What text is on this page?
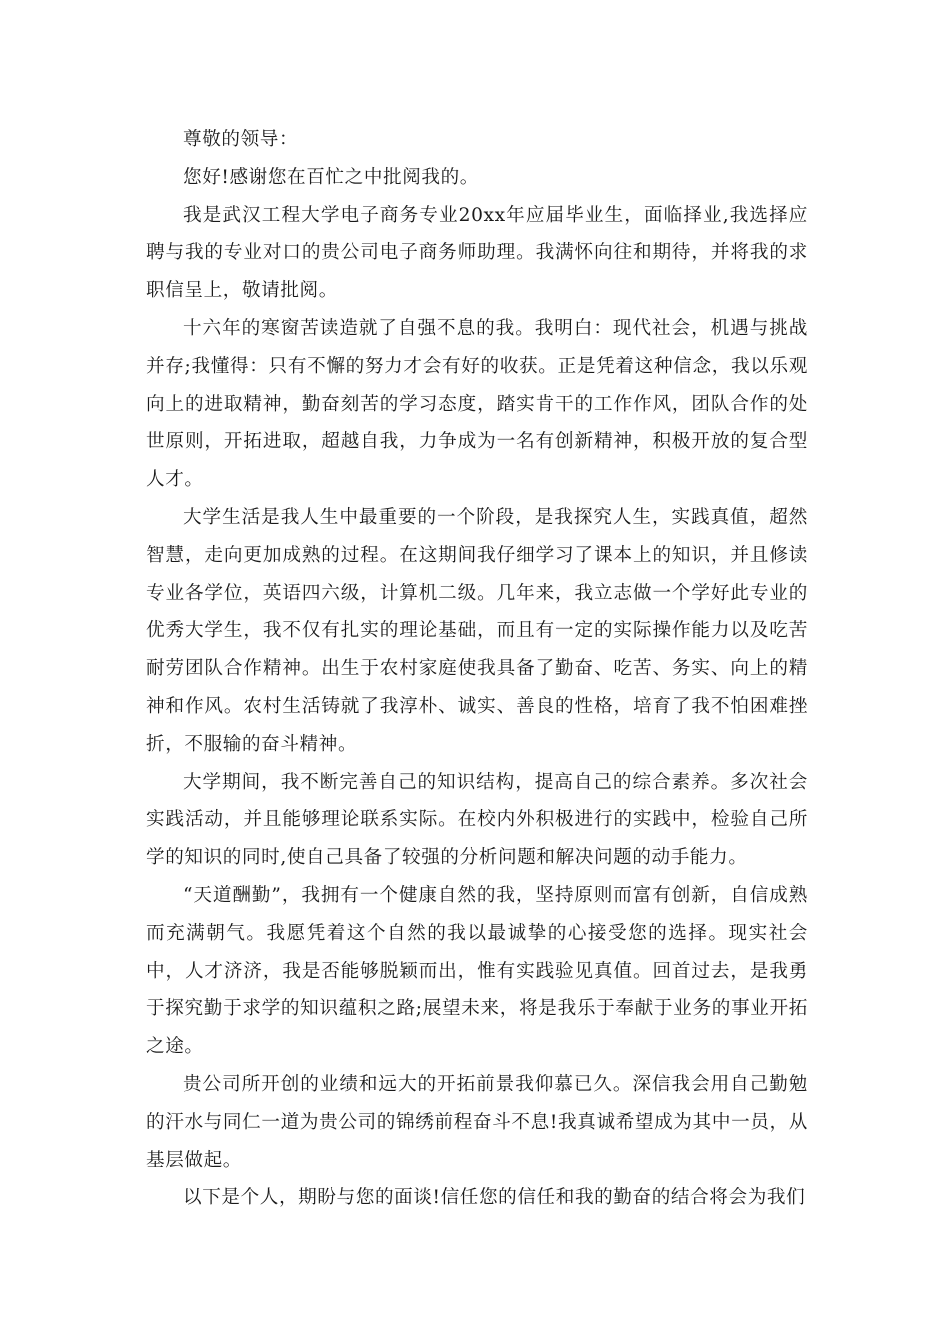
尊敬的领导：

您好!感谢您在百忙之中批阅我的。

我是武汉工程大学电子商务专业20xx年应届毕业生，面临择业,我选择应聘与我的专业对口的贵公司电子商务师助理。我满怀向往和期待，并将我的求职信呈上，敬请批阅。

十六年的寒窗苦读造就了自强不息的我。我明白：现代社会，机遇与挑战并存;我懂得：只有不懈的努力才会有好的收获。正是凭着这种信念，我以乐观向上的进取精神，勤奋刻苦的学习态度，踏实肯干的工作作风，团队合作的处世原则，开拓进取，超越自我，力争成为一名有创新精神，积极开放的复合型人才。

大学生活是我人生中最重要的一个阶段，是我探究人生，实践真值，超然智慧，走向更加成熟的过程。在这期间我仔细学习了课本上的知识，并且修读专业各学位，英语四六级，计算机二级。几年来，我立志做一个学好此专业的优秀大学生，我不仅有扎实的理论基础，而且有一定的实际操作能力以及吃苦耐劳团队合作精神。出生于农村家庭使我具备了勤奋、吃苦、务实、向上的精神和作风。农村生活铸就了我淳朴、诚实、善良的性格，培育了我不怕困难挫折，不服输的奋斗精神。

大学期间，我不断完善自己的知识结构，提高自己的综合素养。多次社会实践活动，并且能够理论联系实际。在校内外积极进行的实践中，检验自己所学的知识的同时,使自己具备了较强的分析问题和解决问题的动手能力。

“天道酬勤”，我拥有一个健康自然的我，坚持原则而富有创新，自信成熟而充满朝气。我愿凭着这个自然的我以最诚挚的心接受您的选择。现实社会中，人才济济，我是否能够脱颖而出，惟有实践验见真值。回首过去，是我勇于探究勤于求学的知识蕴积之路;展望未来，将是我乐于奉献于业务的事业开拓之途。

贵公司所开创的业绩和远大的开拓前景我仰慕已久。深信我会用自己勤勉的汗水与同仁一道为贵公司的锦绣前程奋斗不息!我真诚希望成为其中一员，从基层做起。

以下是个人，期盼与您的面谈!信任您的信任和我的勤奋的结合将会为我们
